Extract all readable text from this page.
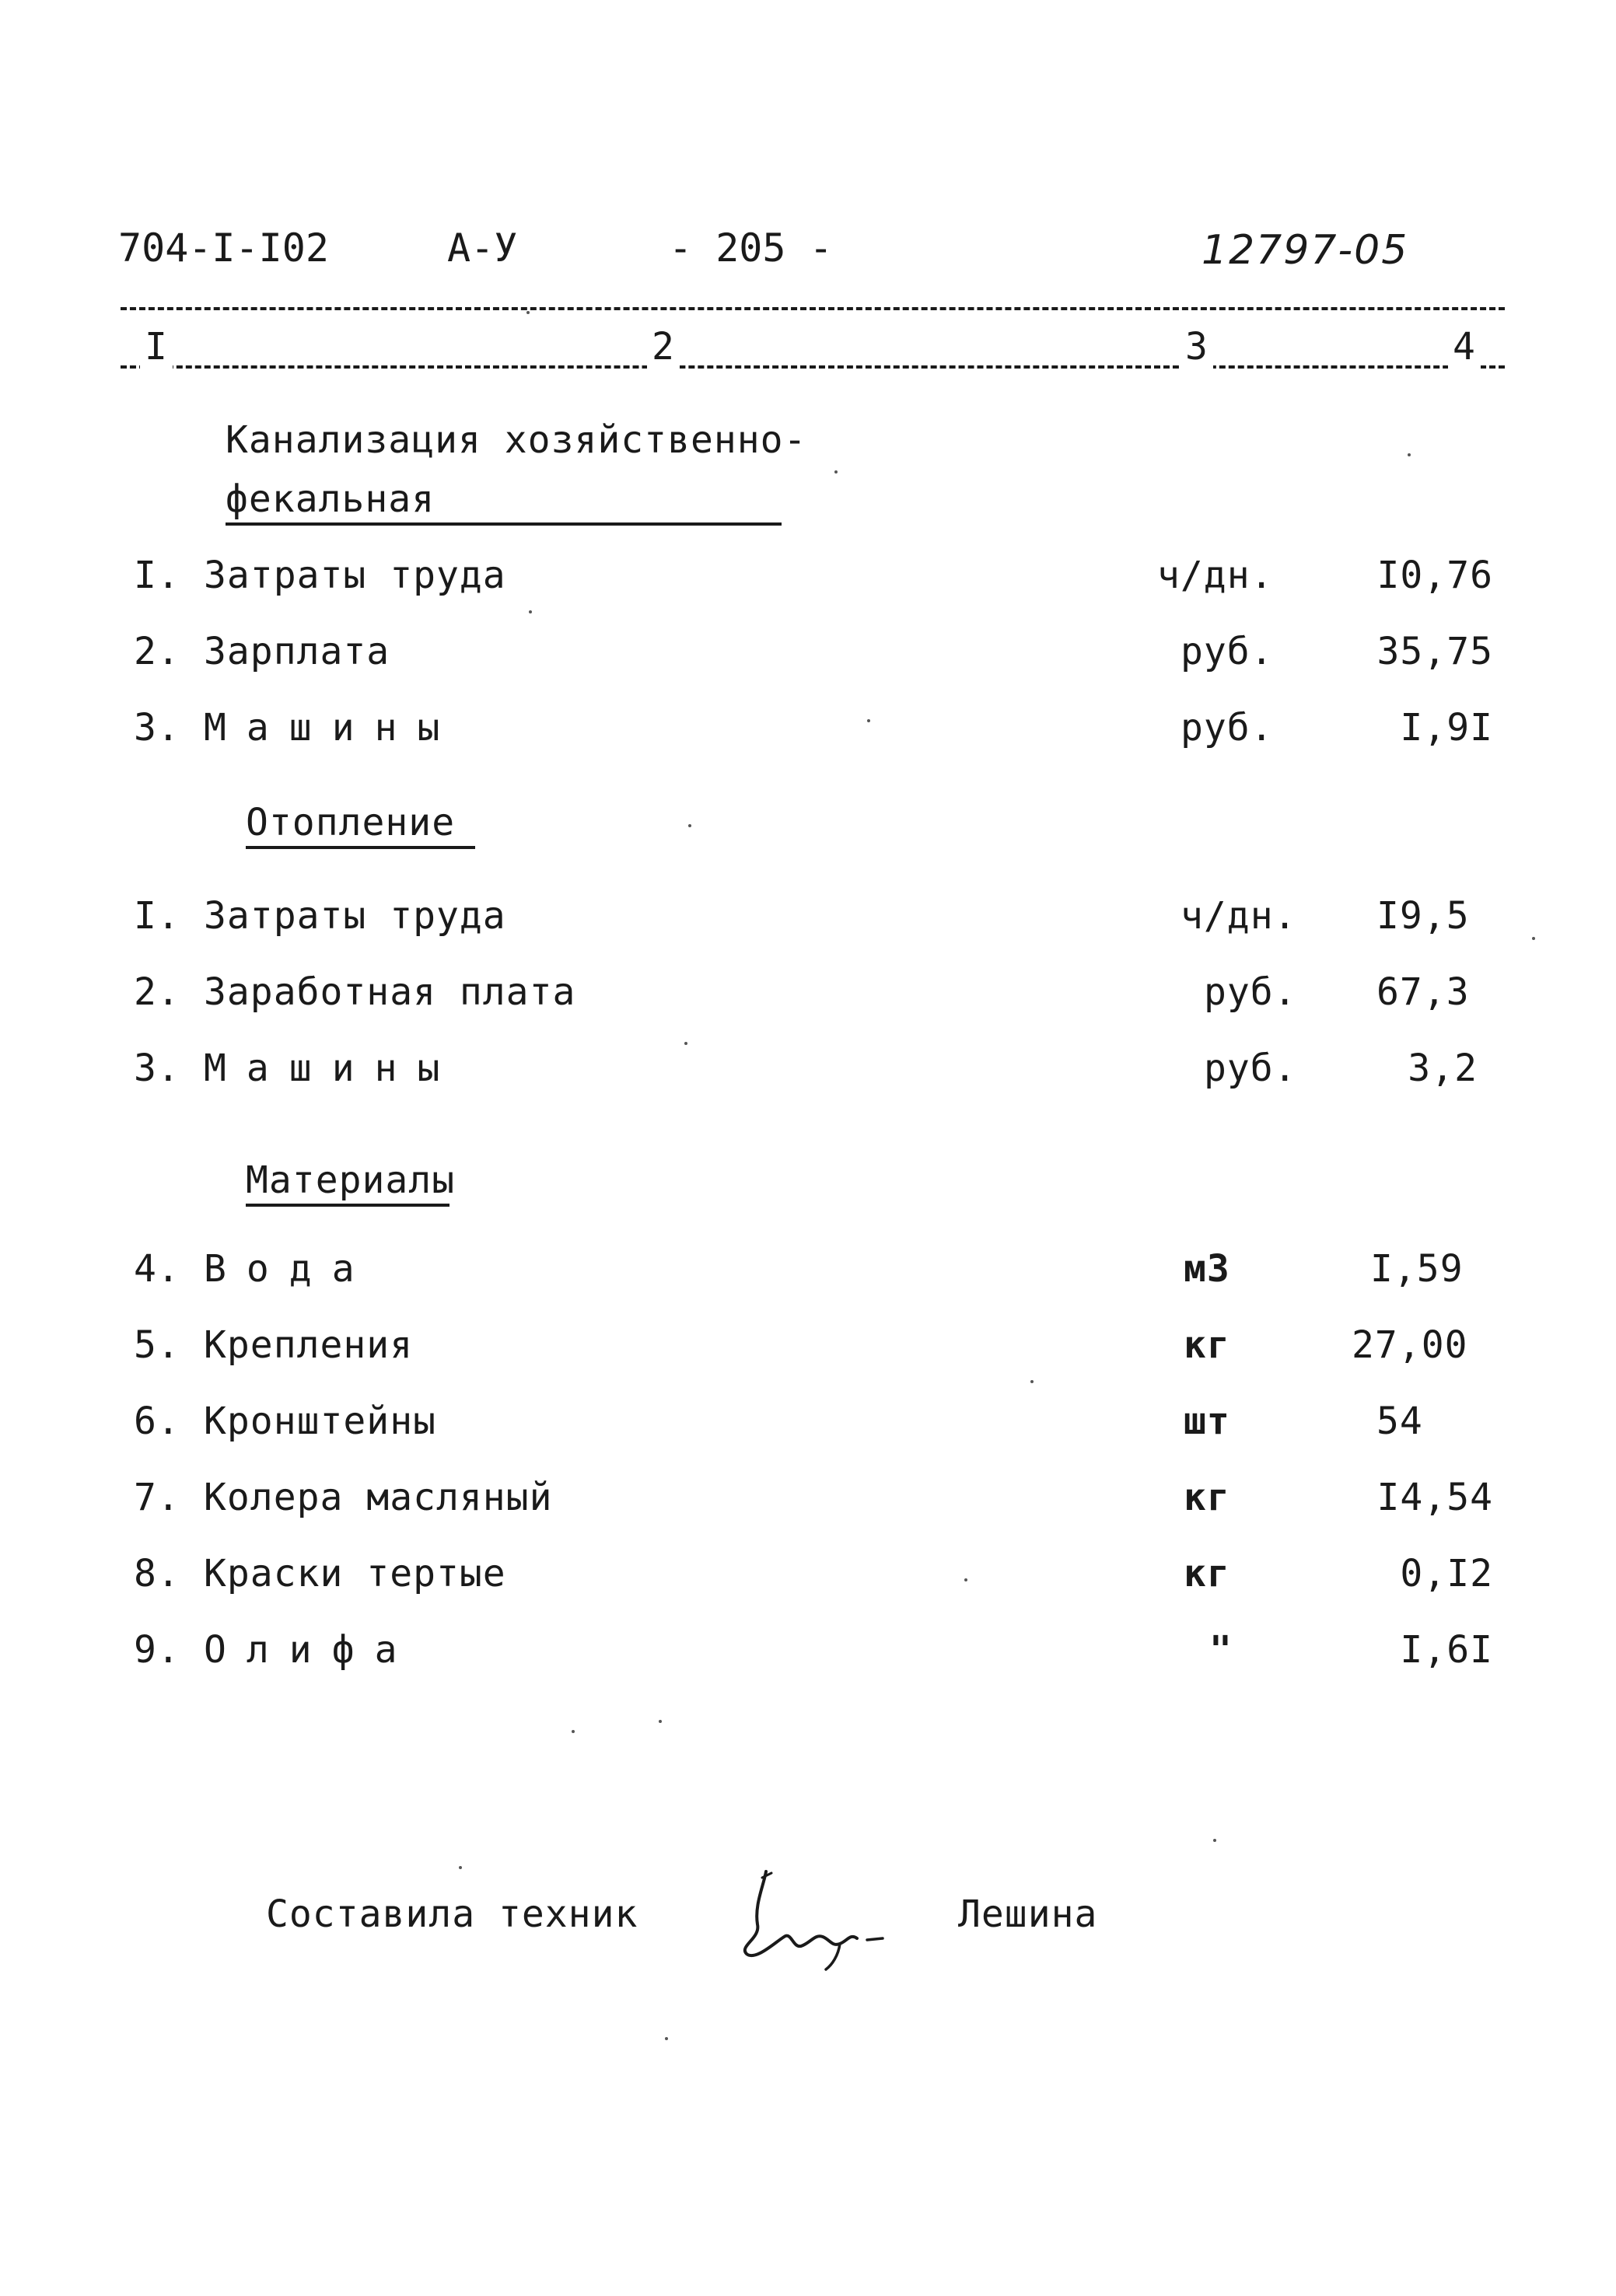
704-I-I02	А-У	- 205 -	12797-05
I	2	3	4
Канализация хозяйственно-
фекальная
I. Затраты труда	ч/дн.	I0,76
2. Зарплата	руб.	35,75
3. Машины	руб.	I,9I
Отопление
I. Затраты труда	ч/дн. I9,5
2. Заработная плата	руб. 67,3
3. Машины	руб.	3,2
Материалы
4. Вода	м3	I,59
5. Крепления	кг	27,00
6. Кронштейны	шт	54
7. Колера масляный	кг	I4,54
8. Краски тертые	кг	0,I2
9. Олифа	"	I,6I
Составила техник	Лешина
